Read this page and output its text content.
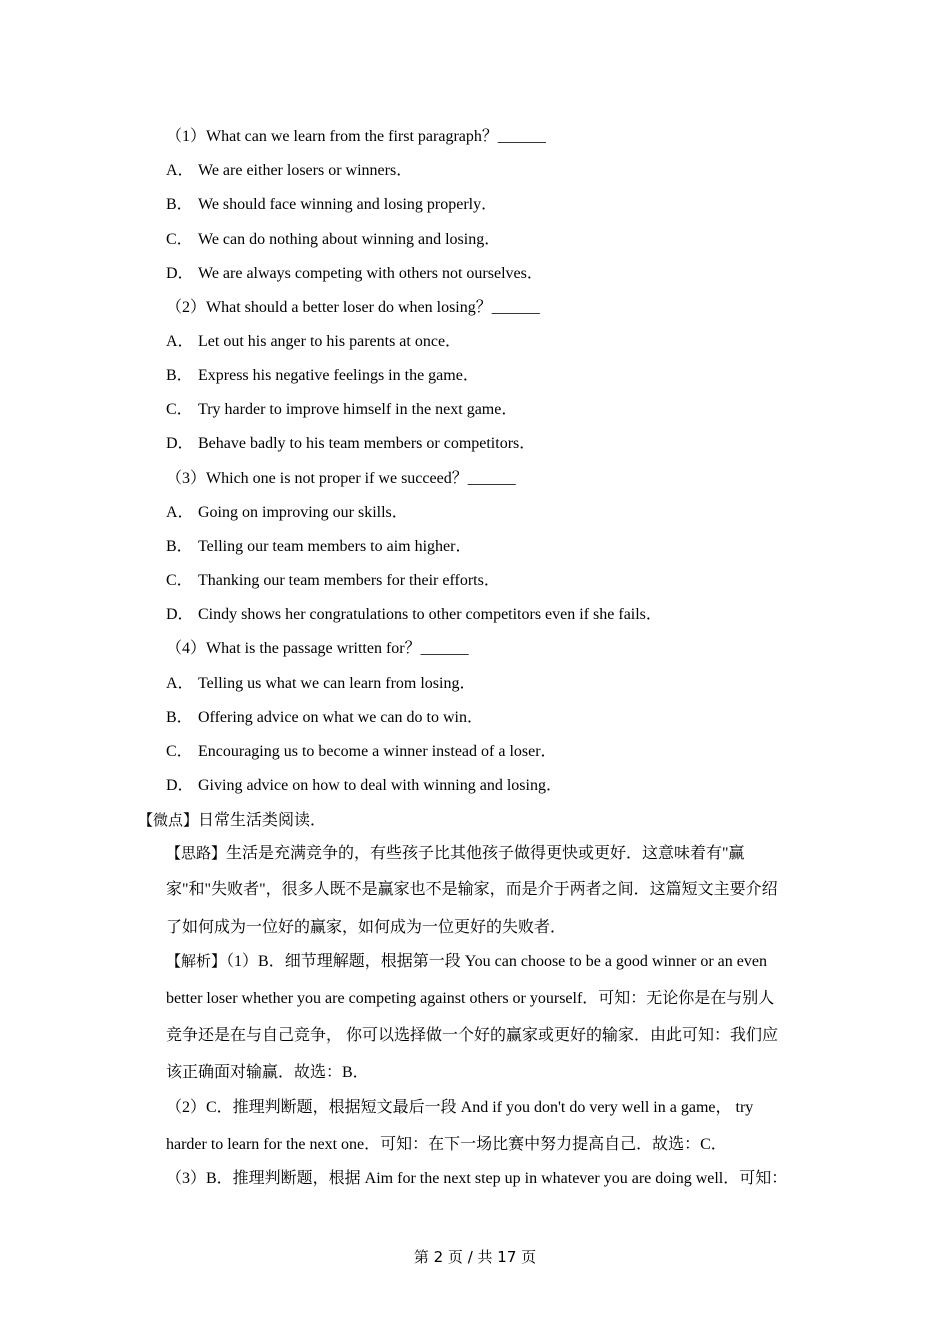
（1）What can we learn from the first paragraph？______
A． We are either losers or winners．
B． We should face winning and losing properly．
C． We can do nothing about winning and losing．
D． We are always competing with others not ourselves．
（2）What should a better loser do when losing？______
A． Let out his anger to his parents at once．
B． Express his negative feelings in the game．
C． Try harder to improve himself in the next game．
D． Behave badly to his team members or competitors．
（3）Which one is not proper if we succeed？______
A． Going on improving our skills．
B． Telling our team members to aim higher．
C． Thanking our team members for their efforts．
D． Cindy shows her congratulations to other competitors even if she fails．
（4）What is the passage written for？______
A． Telling us what we can learn from losing．
B． Offering advice on what we can do to win．
C． Encouraging us to become a winner instead of a loser．
D． Giving advice on how to deal with winning and losing．
【微点】日常生活类阅读．
【思路】生活是充满竞争的，有些孩子比其他孩子做得更快或更好．这意味着有"赢
家"和"失败者"，很多人既不是赢家也不是输家，而是介于两者之间．这篇短文主要介绍
了如何成为一位好的赢家，如何成为一位更好的失败者．
【解析】（1）B．细节理解题，根据第一段 You can choose to be a good winner or an even
better loser whether you are competing against others or yourself．可知：无论你是在与别人
竞争还是在与自己竞争， 你可以选择做一个好的赢家或更好的输家．由此可知：我们应
该正确面对输赢．故选：B．
（2）C．推理判断题，根据短文最后一段 And if you don't do very well in a game， try
harder to learn for the next one．可知：在下一场比赛中努力提高自己．故选：C．
（3）B．推理判断题，根据 Aim for the next step up in whatever you are doing well．可知：
第 2 页 / 共 17 页
